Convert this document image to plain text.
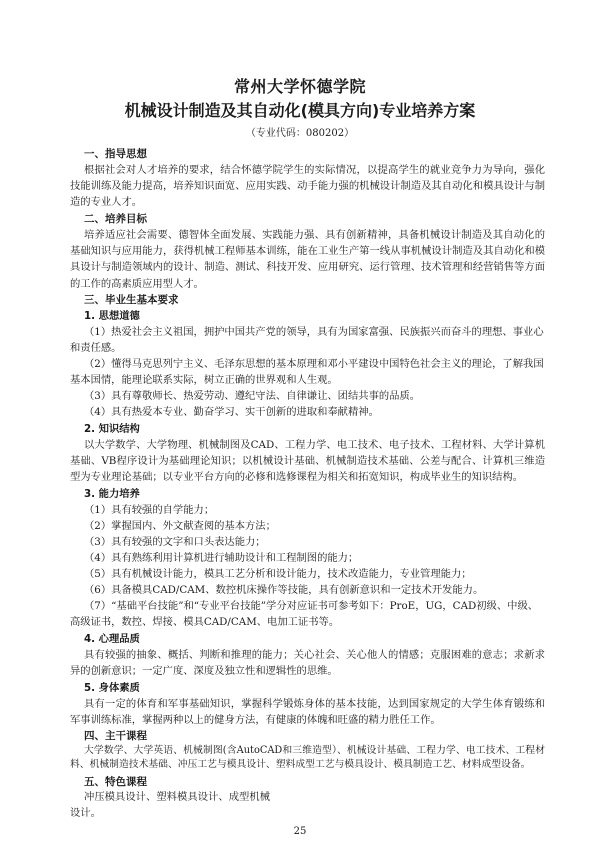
常州大学怀德学院
机械设计制造及其自动化(模具方向)专业培养方案
（专业代码：080202）
一、指导思想
根据社会对人才培养的要求，结合怀德学院学生的实际情况，以提高学生的就业竞争力为导向，强化技能训练及能力提高，培养知识面宽、应用实践、动手能力强的机械设计制造及其自动化和模具设计与制造的专业人才。
二、培养目标
培养适应社会需要、德智体全面发展、实践能力强、具有创新精神，具备机械设计制造及其自动化的基础知识与应用能力，获得机械工程师基本训练，能在工业生产第一线从事机械设计制造及其自动化和模具设计与制造领域内的设计、制造、测试、科技开发、应用研究、运行管理、技术管理和经营销售等方面的工作的高素质应用型人才。
三、毕业生基本要求
1. 思想道德
（1）热爱社会主义祖国，拥护中国共产党的领导，具有为国家富强、民族振兴而奋斗的理想、事业心和责任感。
（2）懂得马克思列宁主义、毛泽东思想的基本原理和邓小平建设中国特色社会主义的理论，了解我国基本国情，能理论联系实际，树立正确的世界观和人生观。
（3）具有尊敬师长、热爱劳动、遵纪守法、自律谦让、团结共事的品质。
（4）具有热爱本专业、勤奋学习、实干创新的进取和奉献精神。
2. 知识结构
以大学数学、大学物理、机械制图及CAD、工程力学、电工技术、电子技术、工程材料、大学计算机基础、VB程序设计为基础理论知识；以机械设计基础、机械制造技术基础、公差与配合、计算机三维造型为专业理论基础；以专业平台方向的必修和选修课程为相关和拓宽知识，构成毕业生的知识结构。
3. 能力培养
（1）具有较强的自学能力；
（2）掌握国内、外文献查阅的基本方法；
（3）具有较强的文字和口头表达能力；
（4）具有熟练利用计算机进行辅助设计和工程制图的能力；
（5）具有机械设计能力，模具工艺分析和设计能力，技术改造能力，专业管理能力；
（6）具备模具CAD/CAM、数控机床操作等技能，具有创新意识和一定技术开发能力。
（7）“基础平台技能”和“专业平台技能”学分对应证书可参考如下：ProE，UG，CAD初级、中级、高级证书，数控、焊接、模具CAD/CAM、电加工证书等。
4. 心理品质
具有较强的抽象、概括、判断和推理的能力；关心社会、关心他人的情感；克服困难的意志；求新求异的创新意识；一定广度、深度及独立性和逻辑性的思维。
5. 身体素质
具有一定的体育和军事基础知识，掌握科学锻炼身体的基本技能，达到国家规定的大学生体育锻练和军事训练标准，掌握两种以上的健身方法，有健康的体魄和旺盛的精力胜任工作。
四、主干课程
大学数学、大学英语、机械制图(含AutoCAD和三维造型）、机械设计基础、工程力学、电工技术、工程材料、机械制造技术基础、冲压工艺与模具设计、塑料成型工艺与模具设计、模具制造工艺、材料成型设备。
五、特色课程
冲压模具设计、塑料模具设计、成型机械设计。
25
